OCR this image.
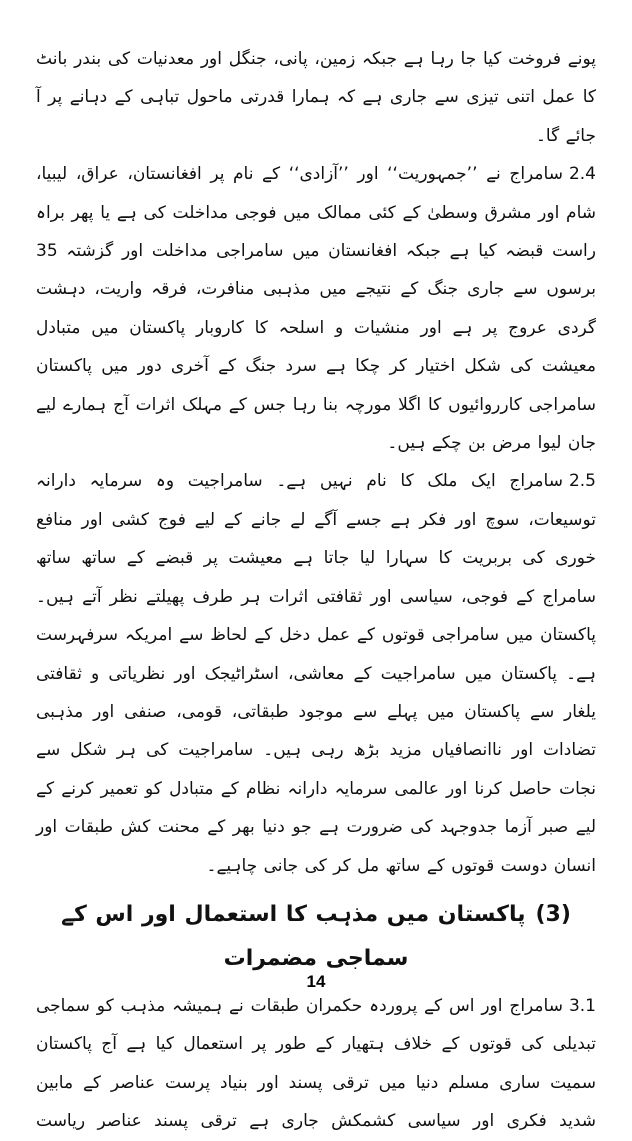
پونے فروخت کیا جا رہا ہے جبکہ زمین، پانی، جنگل اور معدنیات کی بندر بانٹ کا عمل اتنی تیزی سے جاری ہے کہ ہمارا قدرتی ماحول تباہی کے دہانے پر آ جائے گا۔

2.4سامراج نے ’’جمہوریت‘‘ اور ’’آزادی‘‘ کے نام پر افغانستان، عراق، لیبیا، شام اور مشرق وسطیٰ کے کئی ممالک میں فوجی مداخلت کی ہے یا پھر براہ راست قبضہ کیا ہے جبکہ افغانستان میں سامراجی مداخلت اور گزشتہ 35 برسوں سے جاری جنگ کے نتیجے میں مذہبی منافرت، فرقہ واریت، دہشت گردی عروج پر ہے اور منشیات و اسلحہ کا کاروبار پاکستان میں متبادل معیشت کی شکل اختیار کر چکا ہے سرد جنگ کے آخری دور میں پاکستان سامراجی کارروائیوں کا اگلا مورچہ بنا رہا جس کے مہلک اثرات آج ہمارے لیے جان لیوا مرض بن چکے ہیں۔

2.5سامراج ایک ملک کا نام نہیں ہے۔ سامراجیت وہ سرمایہ دارانہ توسیعات، سوچ اور فکر ہے جسے آگے لے جانے کے لیے فوج کشی اور منافع خوری کی بربریت کا سہارا لیا جاتا ہے معیشت پر قبضے کے ساتھ ساتھ سامراج کے فوجی، سیاسی اور ثقافتی اثرات ہر طرف پھیلتے نظر آتے ہیں۔ پاکستان میں سامراجی قوتوں کے عمل دخل کے لحاظ سے امریکہ سرفہرست ہے۔ پاکستان میں سامراجیت کے معاشی، اسٹراٹیجک اور نظریاتی و ثقافتی یلغار سے پاکستان میں پہلے سے موجود طبقاتی، قومی، صنفی اور مذہبی تضادات اور ناانصافیاں مزید بڑھ رہی ہیں۔ سامراجیت کی ہر شکل سے نجات حاصل کرنا اور عالمی سرمایہ دارانہ نظام کے متبادل کو تعمیر کرنے کے لیے صبر آزما جدوجہد کی ضرورت ہے جو دنیا بھر کے محنت کش طبقات اور انسان دوست قوتوں کے ساتھ مل کر کی جانی چاہیے۔

(3)پاکستان میں مذہب کا استعمال اور اس کے سماجی مضمرات

3.1سامراج اور اس کے پروردہ حکمران طبقات نے ہمیشہ مذہب کو سماجی تبدیلی کی قوتوں کے خلاف ہتھیار کے طور پر استعمال کیا ہے آج پاکستان سمیت ساری مسلم دنیا میں ترقی پسند اور بنیاد پرست عناصر کے مابین شدید فکری اور سیاسی کشمکش جاری ہے ترقی پسند عناصر ریاست

14
